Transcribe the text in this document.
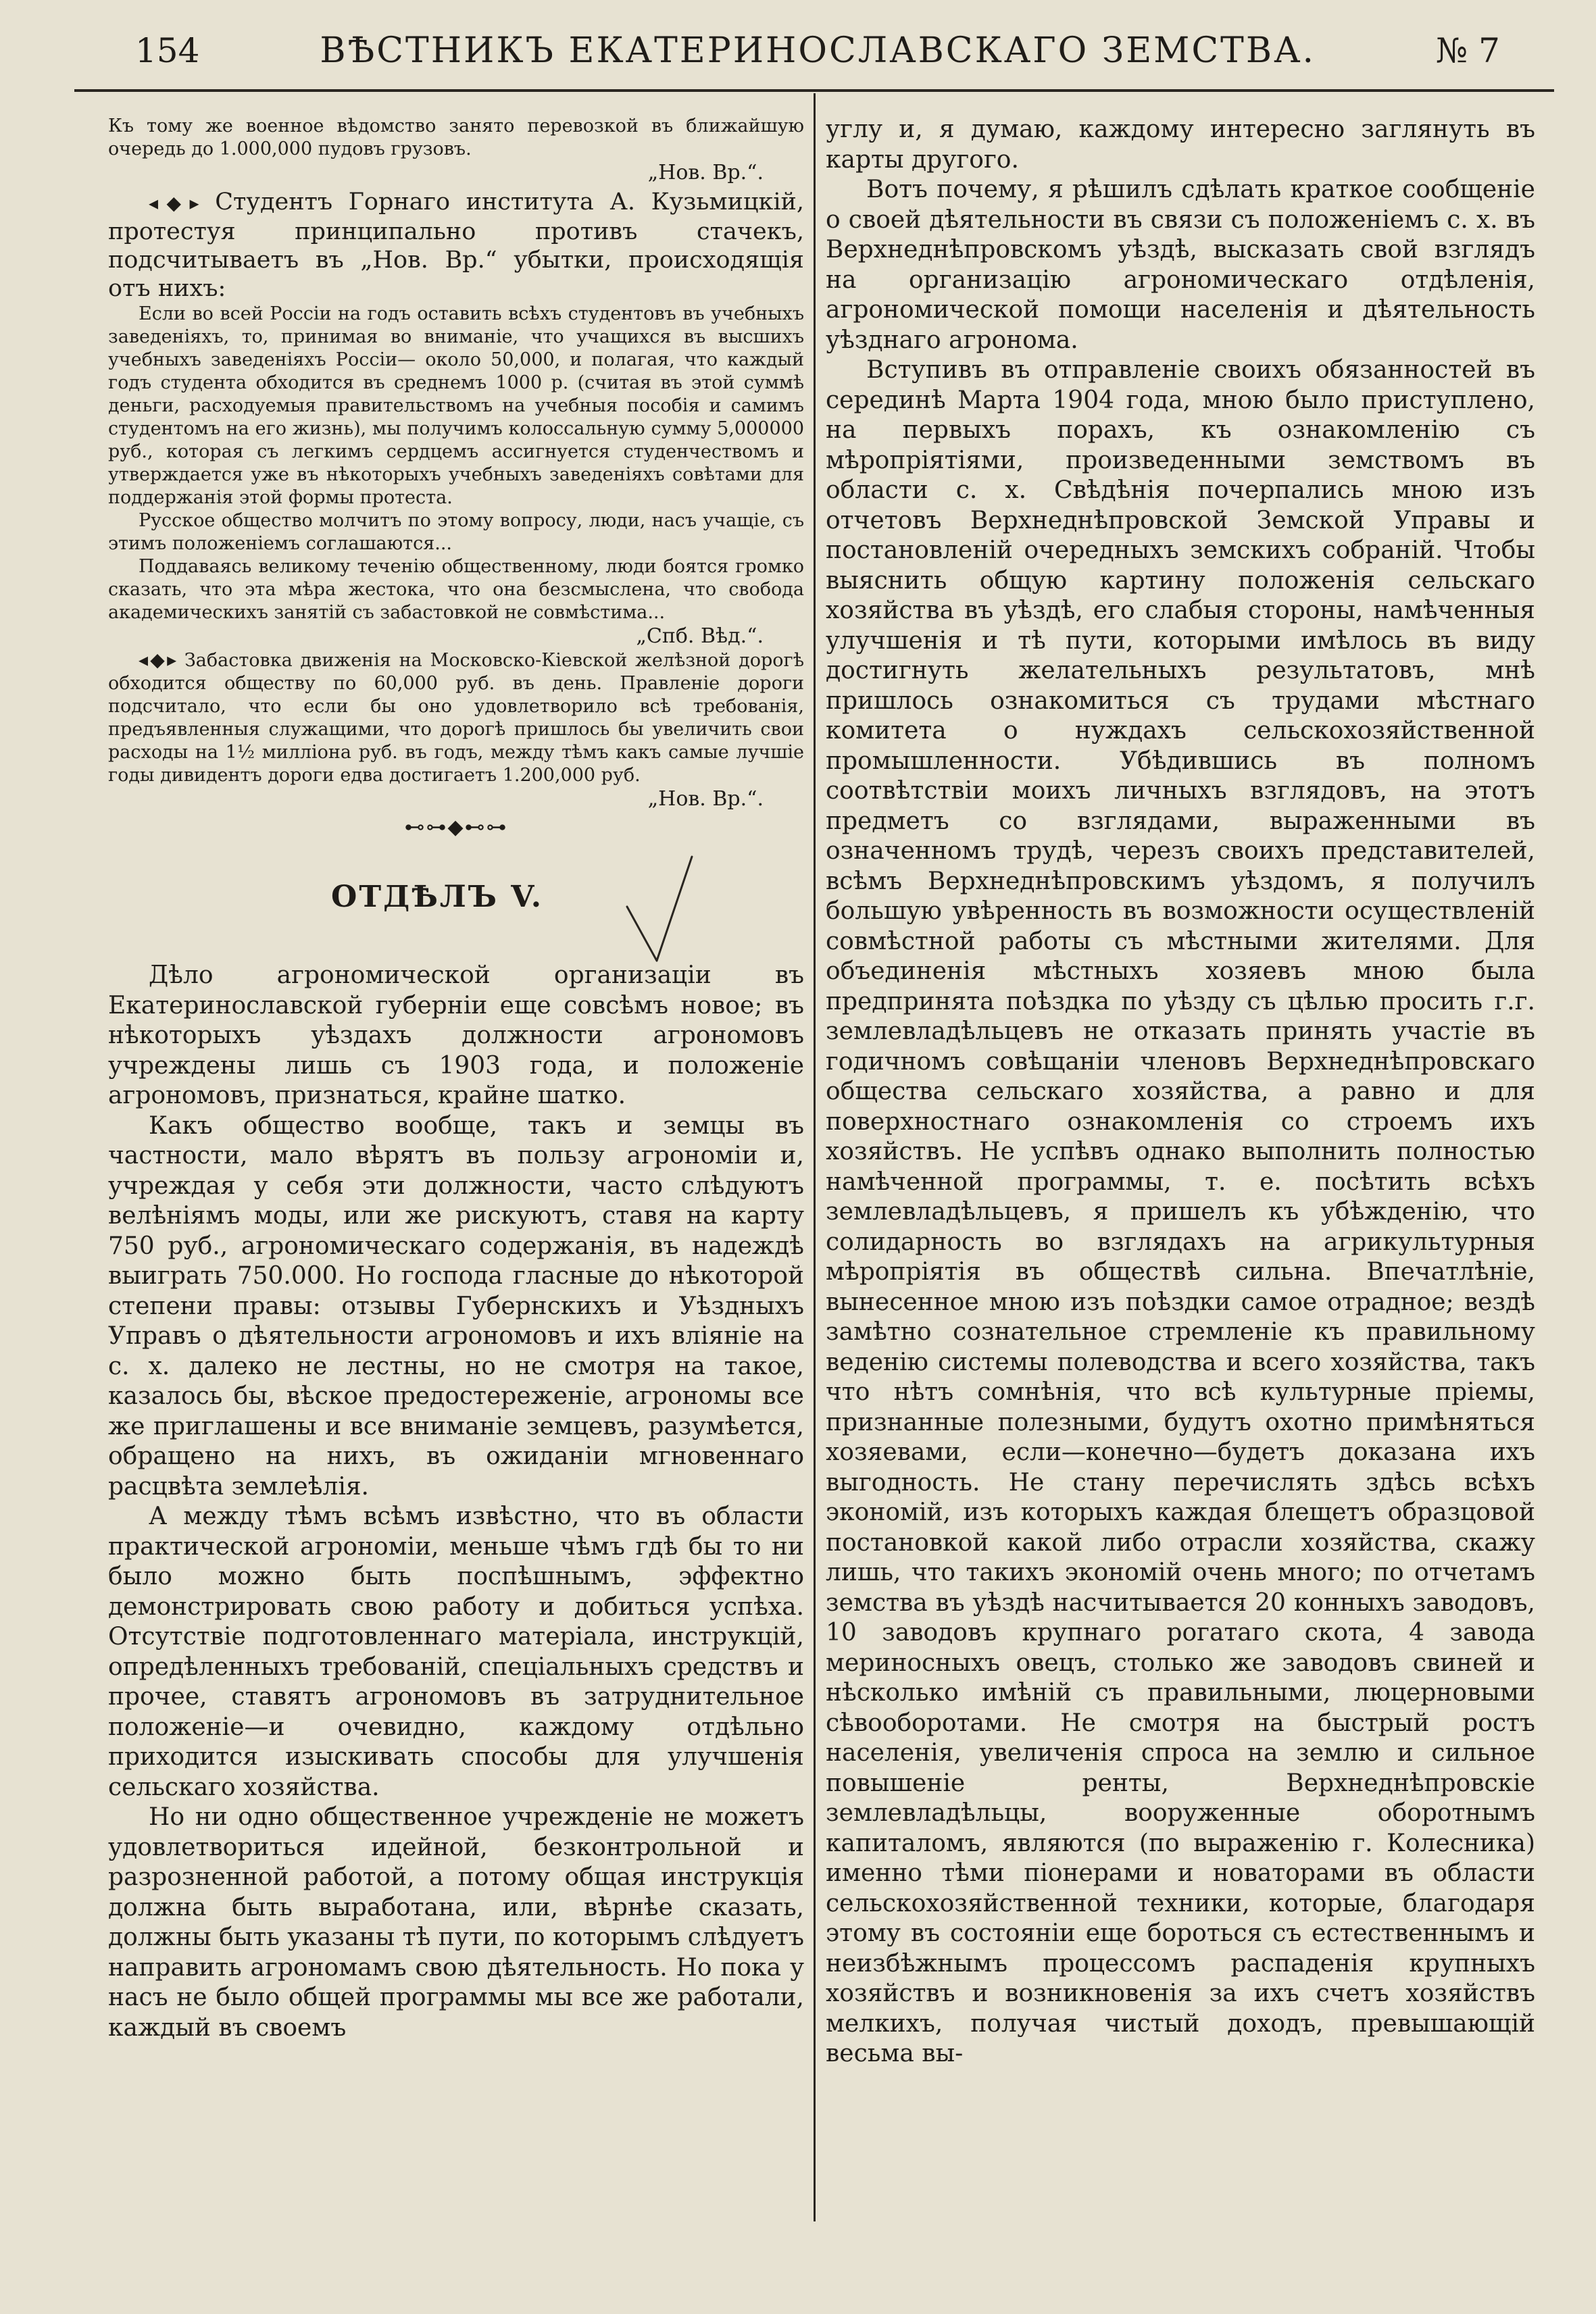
154	ВѢСТНИКЪ ЕКАТЕРИНОСЛАВСКАГО ЗЕМСТВА.	№ 7

Къ тому же военное вѣдомство занято перевозкой въ ближайшую очередь до 1.000,000 пудовъ грузовъ.

„Нов. Вр.“.

◂◆▸ Студентъ Горнаго института А. Кузьмицкій, протестуя принципально противъ стачекъ, подсчитываетъ въ „Нов. Вр.“ убытки, происходящія отъ нихъ:

Если во всей Россіи на годъ оставить всѣхъ студентовъ въ учебныхъ заведеніяхъ, то, принимая во вниманіе, что учащихся въ высшихъ учебныхъ заведеніяхъ Россіи— около 50,000, и полагая, что каждый годъ студента обходится въ среднемъ 1000 р. (считая въ этой суммѣ деньги, расходуемыя правительствомъ на учебныя пособія и самимъ студентомъ на его жизнь), мы получимъ колоссальную сумму 5,000000 руб., которая съ легкимъ сердцемъ ассигнуется студенчествомъ и утверждается уже въ нѣкоторыхъ учебныхъ заведеніяхъ совѣтами для поддержанія этой формы протеста.

Русское общество молчитъ по этому вопросу, люди, насъ учащіе, съ этимъ положеніемъ соглашаются...

Поддаваясь великому теченію общественному, люди боятся громко сказать, что эта мѣра жестока, что она безсмыслена, что свобода академическихъ занятій съ забастовкой не совмѣстима...

„Спб. Вѣд.“.

◂◆▸ Забастовка движенія на Московско-Кіевской желѣзной дорогѣ обходится обществу по 60,000 руб. въ день. Правленіе дороги подсчитало, что если бы оно удовлетворило всѣ требованія, предъявленныя служащими, что дорогѣ пришлось бы увеличить свои расходы на 1½ милліона руб. въ годъ, между тѣмъ какъ самые лучшіе годы дивидентъ дороги едва достигаетъ 1.200,000 руб.

„Нов. Вр.“.
⊷⊶◆⊷⊶
ОТДѢЛЪ V.

Дѣло агрономической организаціи въ Екатеринославской губерніи еще совсѣмъ новое; въ нѣкоторыхъ уѣздахъ должности агрономовъ учреждены лишь съ 1903 года, и положеніе агрономовъ, признаться, крайне шатко.

Какъ общество вообще, такъ и земцы въ частности, мало вѣрятъ въ пользу агрономіи и, учреждая у себя эти должности, часто слѣдуютъ велѣніямъ моды, или же рискуютъ, ставя на карту 750 руб., агрономическаго содержанія, въ надеждѣ выиграть 750.000. Но господа гласные до нѣкоторой степени правы: отзывы Губернскихъ и Уѣздныхъ Управъ о дѣятельности агрономовъ и ихъ вліяніе на с. х. далеко не лестны, но не смотря на такое, казалось бы, вѣское предостереженіе, агрономы все же приглашены и все вниманіе земцевъ, разумѣется, обращено на нихъ, въ ожиданіи мгновеннаго расцвѣта землеѣлія.

А между тѣмъ всѣмъ извѣстно, что въ области практической агрономіи, меньше чѣмъ гдѣ бы то ни было можно быть поспѣшнымъ, эффектно демонстрировать свою работу и добиться успѣха. Отсутствіе подготовленнаго матеріала, инструкцій, опредѣленныхъ требованій, спеціальныхъ средствъ и прочее, ставятъ агрономовъ въ затруднительное положеніе—и очевидно, каждому отдѣльно приходится изыскивать способы для улучшенія сельскаго хозяйства.

Но ни одно общественное учрежденіе не можетъ удовлетвориться идейной, безконтрольной и разрозненной работой, а потому общая инструкція должна быть выработана, или, вѣрнѣе сказать, должны быть указаны тѣ пути, по которымъ слѣдуетъ направить агрономамъ свою дѣятельность. Но пока у насъ не было общей программы мы все же работали, каждый въ своемъ

углу и, я думаю, каждому интересно заглянуть въ карты другого.

Вотъ почему, я рѣшилъ сдѣлать краткое сообщеніе о своей дѣятельности въ связи съ положеніемъ с. х. въ Верхнеднѣпровскомъ уѣздѣ, высказать свой взглядъ на организацію агрономическаго отдѣленія, агрономической помощи населенія и дѣятельность уѣзднаго агронома.

Вступивъ въ отправленіе своихъ обязанностей въ серединѣ Марта 1904 года, мною было приступлено, на первыхъ порахъ, къ ознакомленію съ мѣропріятіями, произведенными земствомъ въ области с. х. Свѣдѣнія почерпались мною изъ отчетовъ Верхнеднѣпровской Земской Управы и постановленій очередныхъ земскихъ собраній. Чтобы выяснить общую картину положенія сельскаго хозяйства въ уѣздѣ, его слабыя стороны, намѣченныя улучшенія и тѣ пути, которыми имѣлось въ виду достигнуть желательныхъ результатовъ, мнѣ пришлось ознакомиться съ трудами мѣстнаго комитета о нуждахъ сельскохозяйственной промышленности. Убѣдившись въ полномъ соотвѣтствіи моихъ личныхъ взглядовъ, на этотъ предметъ со взглядами, выраженными въ означенномъ трудѣ, черезъ своихъ представителей, всѣмъ Верхнеднѣпровскимъ уѣздомъ, я получилъ большую увѣренность въ возможности осуществленій совмѣстной работы съ мѣстными жителями. Для объединенія мѣстныхъ хозяевъ мною была предпринята поѣздка по уѣзду съ цѣлью просить г.г. землевладѣльцевъ не отказать принять участіе въ годичномъ совѣщаніи членовъ Верхнеднѣпровскаго общества сельскаго хозяйства, а равно и для поверхностнаго ознакомленія со строемъ ихъ хозяйствъ. Не успѣвъ однако выполнить полностью намѣченной программы, т. е. посѣтить всѣхъ землевладѣльцевъ, я пришелъ къ убѣжденію, что солидарность во взглядахъ на агрикультурныя мѣропріятія въ обществѣ сильна. Впечатлѣніе, вынесенное мною изъ поѣздки самое отрадное; вездѣ замѣтно сознательное стремленіе къ правильному веденію системы полеводства и всего хозяйства, такъ что нѣтъ сомнѣнія, что всѣ культурные пріемы, признанные полезными, будутъ охотно примѣняться хозяевами, если—конечно—будетъ доказана ихъ выгодность. Не стану перечислять здѣсь всѣхъ экономій, изъ которыхъ каждая блещетъ образцовой постановкой какой либо отрасли хозяйства, скажу лишь, что такихъ экономій очень много; по отчетамъ земства въ уѣздѣ насчитывается 20 конныхъ заводовъ, 10 заводовъ крупнаго рогатаго скота, 4 завода мериносныхъ овецъ, столько же заводовъ свиней и нѣсколько имѣній съ правильными, люцерновыми сѣвооборотами. Не смотря на быстрый ростъ населенія, увеличенія спроса на землю и сильное повышеніе ренты, Верхнеднѣпровскіе землевладѣльцы, вооруженные оборотнымъ капиталомъ, являются (по выраженію г. Колесника) именно тѣми піонерами и новаторами въ области сельскохозяйственной техники, которые, благодаря этому въ состояніи еще бороться съ естественнымъ и неизбѣжнымъ процессомъ распаденія крупныхъ хозяйствъ и возникновенія за ихъ счетъ хозяйствъ мелкихъ, получая чистый доходъ, превышающій весьма вы-
